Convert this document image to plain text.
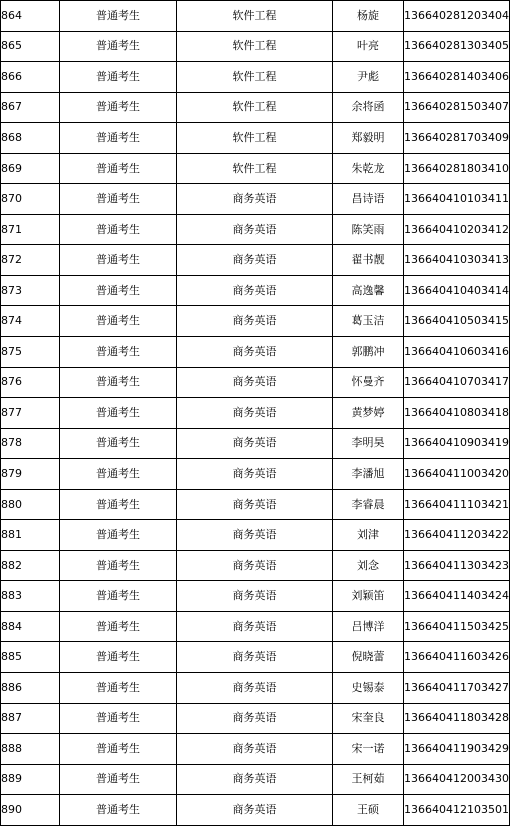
864	普通考生	软件工程	杨旋	136640281203404
865	普通考生	软件工程	叶亮	136640281303405
866	普通考生	软件工程	尹彪	136640281403406
867	普通考生	软件工程	余将函	136640281503407
868	普通考生	软件工程	郑毅明	136640281703409
869	普通考生	软件工程	朱乾龙	136640281803410
870	普通考生	商务英语	昌诗语	136640410103411
871	普通考生	商务英语	陈笑雨	136640410203412
872	普通考生	商务英语	翟书靓	136640410303413
873	普通考生	商务英语	高逸馨	136640410403414
874	普通考生	商务英语	葛玉洁	136640410503415
875	普通考生	商务英语	郭鹏冲	136640410603416
876	普通考生	商务英语	怀曼齐	136640410703417
877	普通考生	商务英语	黄梦婷	136640410803418
878	普通考生	商务英语	李明昊	136640410903419
879	普通考生	商务英语	李潘旭	136640411003420
880	普通考生	商务英语	李睿晨	136640411103421
881	普通考生	商务英语	刘津	136640411203422
882	普通考生	商务英语	刘念	136640411303423
883	普通考生	商务英语	刘颖笛	136640411403424
884	普通考生	商务英语	吕博洋	136640411503425
885	普通考生	商务英语	倪晓蕾	136640411603426
886	普通考生	商务英语	史锡泰	136640411703427
887	普通考生	商务英语	宋奎良	136640411803428
888	普通考生	商务英语	宋一诺	136640411903429
889	普通考生	商务英语	王柯茹	136640412003430
890	普通考生	商务英语	王硕	136640412103501
